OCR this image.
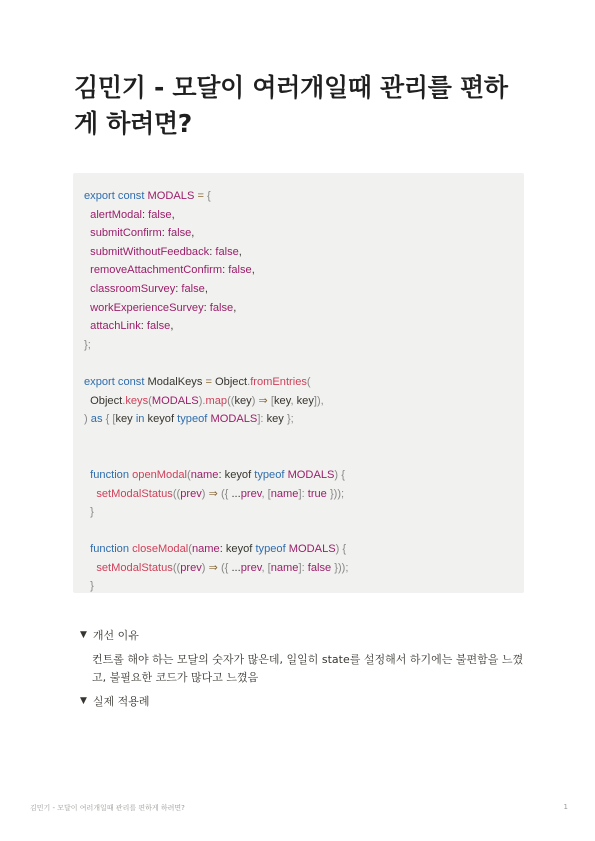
김민기 - 모달이 여러개일때 관리를 편하게 하려면?
export const MODALS = {
alertModal: false,
submitConfirm: false,
submitWithoutFeedback: false,
removeAttachmentConfirm: false,
classroomSurvey: false,
workExperienceSurvey: false,
attachLink: false,
};
export const ModalKeys = Object.fromEntries(
Object.keys(MODALS).map((key) ⇒ [key, key]),
) as { [key in keyof typeof MODALS]: key };
function openModal(name: keyof typeof MODALS) {
setModalStatus((prev) ⇒ ({ ...prev, [name]: true }));
}
function closeModal(name: keyof typeof MODALS) {
setModalStatus((prev) ⇒ ({ ...prev, [name]: false }));
}
▼ 개선 이유
컨트롤 해야 하는 모달의 숫자가 많은데, 일일히 state를 설정해서 하기에는 불편함을 느꼈고, 불필요한 코드가 많다고 느꼈음
▼ 실제 적용례
김민기 - 모달이 여러개일때 관리를 편하게 하려면?	1
